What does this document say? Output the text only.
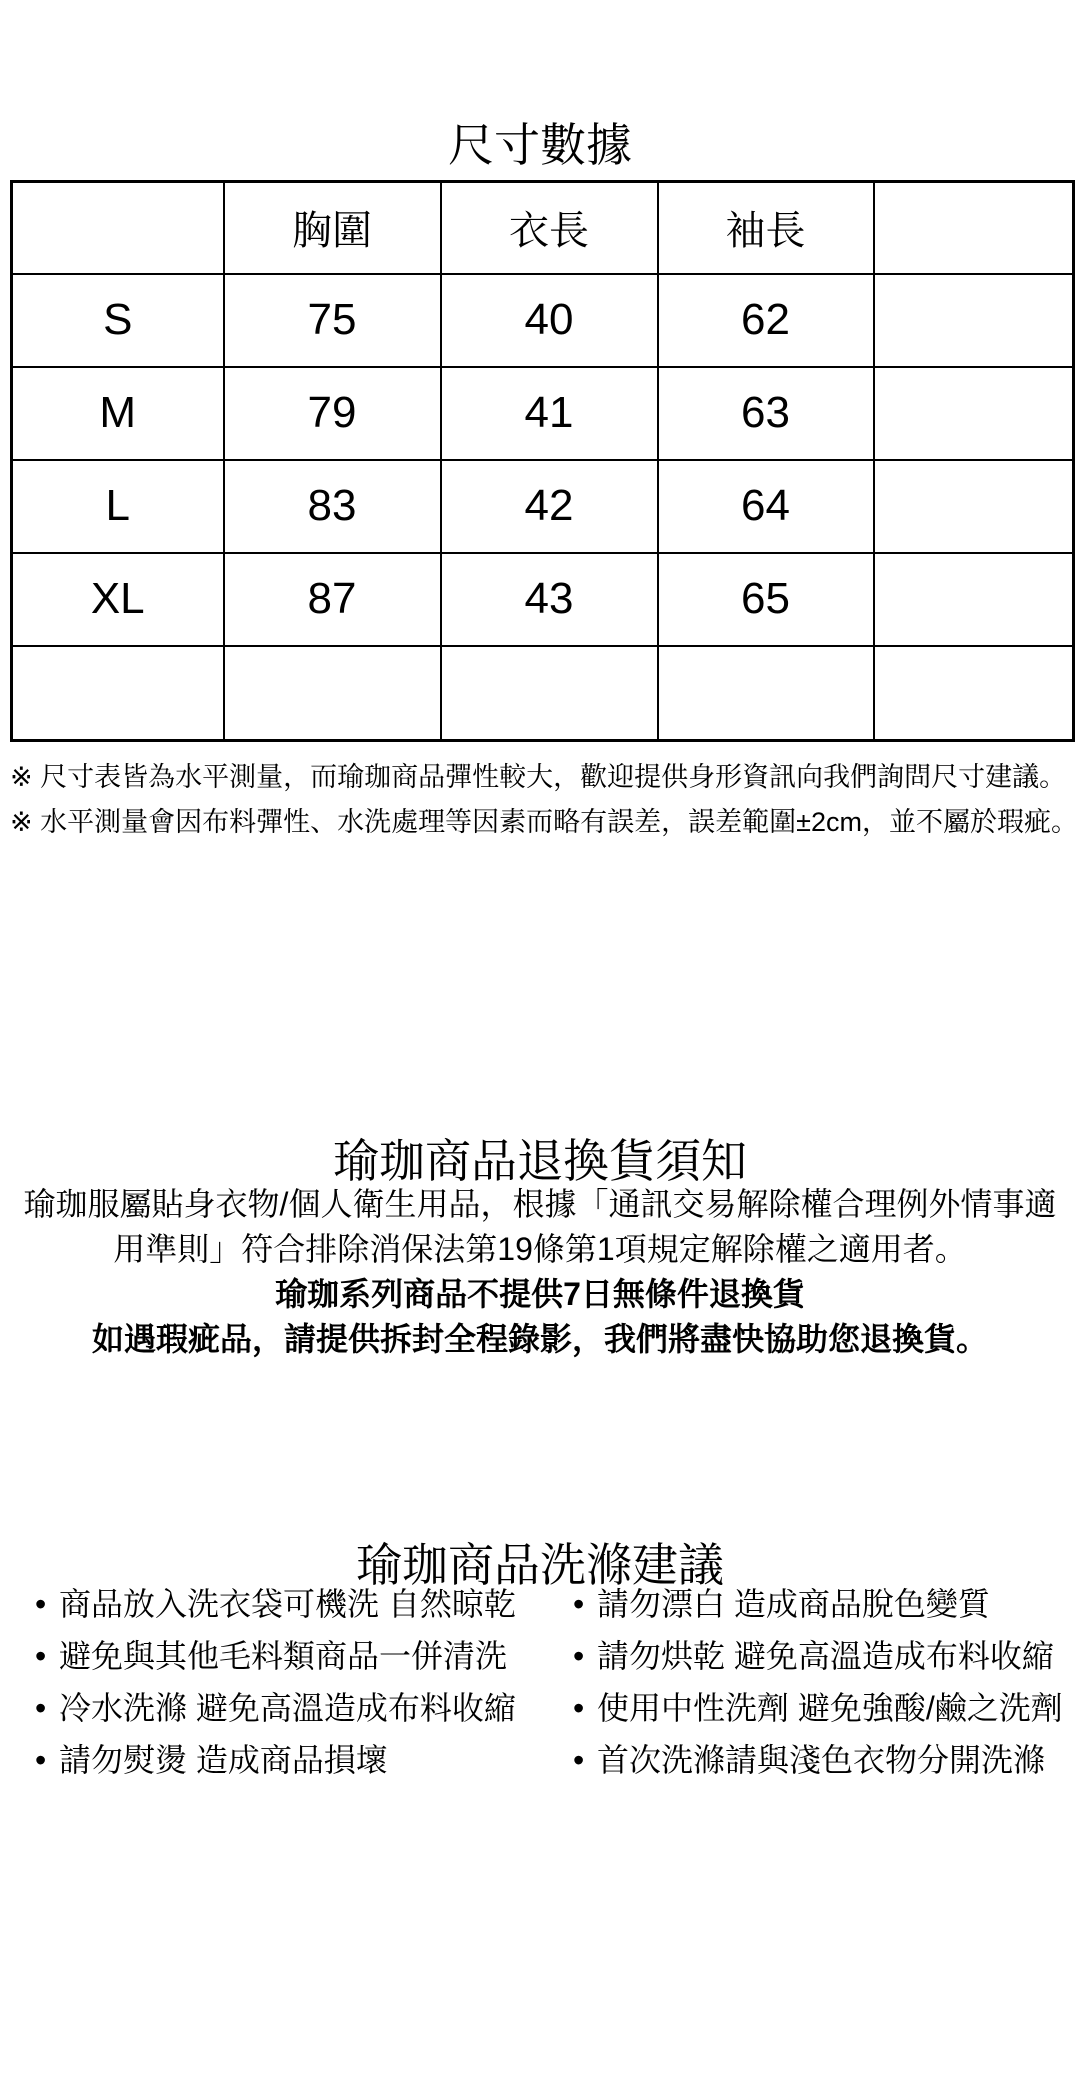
尺寸數據
	胸圍	衣長	袖長	
S	75	40	62	
M	79	41	63	
L	83	42	64	
XL	87	43	65	

※ 尺寸表皆為水平測量，而瑜珈商品彈性較大，歡迎提供身形資訊向我們詢問尺寸建議。
※ 水平測量會因布料彈性、水洗處理等因素而略有誤差，誤差範圍±2cm，並不屬於瑕疵。
瑜珈商品退換貨須知
瑜珈服屬貼身衣物/個人衛生用品，根據「通訊交易解除權合理例外情事適
用準則」符合排除消保法第19條第1項規定解除權之適用者。
瑜珈系列商品不提供7日無條件退換貨
如遇瑕疵品，請提供拆封全程錄影，我們將盡快協助您退換貨。
瑜珈商品洗滌建議
• 商品放入洗衣袋可機洗 自然晾乾
• 避免與其他毛料類商品一併清洗
• 冷水洗滌 避免高溫造成布料收縮
• 請勿熨燙 造成商品損壞
• 請勿漂白 造成商品脫色變質
• 請勿烘乾 避免高溫造成布料收縮
• 使用中性洗劑 避免強酸/鹼之洗劑
• 首次洗滌請與淺色衣物分開洗滌
